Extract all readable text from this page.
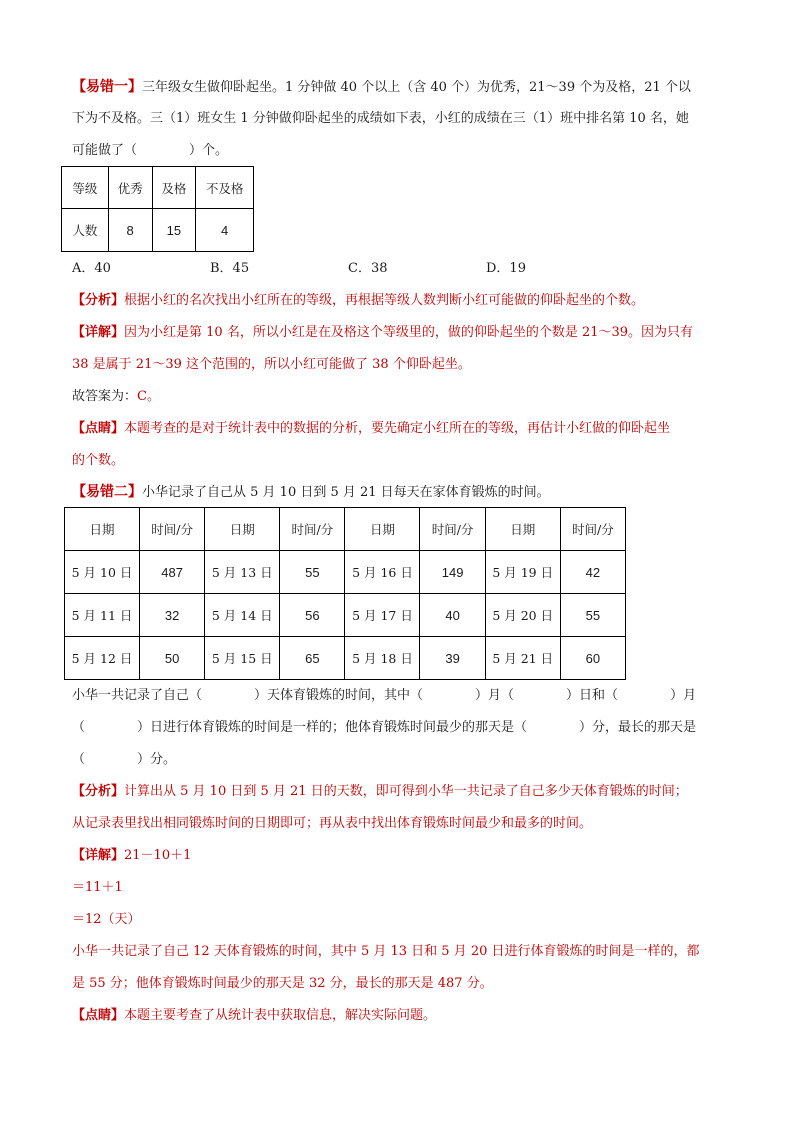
【易错一】三年级女生做仰卧起坐。1 分钟做 40 个以上（含 40 个）为优秀，21～39 个为及格，21 个以
下为不及格。三（1）班女生 1 分钟做仰卧起坐的成绩如下表，小红的成绩在三（1）班中排名第 10 名，她
可能做了（	）个。
等级	优秀	及格	不及格
人数	8	15	4
A．40	B．45	C．38	D．19
【分析】根据小红的名次找出小红所在的等级，再根据等级人数判断小红可能做的仰卧起坐的个数。
【详解】因为小红是第 10 名，所以小红是在及格这个等级里的，做的仰卧起坐的个数是 21～39。因为只有
38 是属于 21～39 这个范围的，所以小红可能做了 38 个仰卧起坐。
故答案为：C。
【点睛】本题考查的是对于统计表中的数据的分析，要先确定小红所在的等级，再估计小红做的仰卧起坐
的个数。
【易错二】小华记录了自己从 5 月 10 日到 5 月 21 日每天在家体育锻炼的时间。
日期	时间/分	日期	时间/分	日期	时间/分	日期	时间/分
5 月 10 日	487	5 月 13 日	55	5 月 16 日	149	5 月 19 日	42
5 月 11 日	32	5 月 14 日	56	5 月 17 日	40	5 月 20 日	55
5 月 12 日	50	5 月 15 日	65	5 月 18 日	39	5 月 21 日	60
小华一共记录了自己（	）天体育锻炼的时间，其中（	）月（	）日和（	）月
（	）日进行体育锻炼的时间是一样的；他体育锻炼时间最少的那天是（	）分，最长的那天是
（	）分。
【分析】计算出从 5 月 10 日到 5 月 21 日的天数，即可得到小华一共记录了自己多少天体育锻炼的时间；
从记录表里找出相同锻炼时间的日期即可；再从表中找出体育锻炼时间最少和最多的时间。
【详解】21－10＋1
＝11＋1
＝12（天）
小华一共记录了自己 12 天体育锻炼的时间，其中 5 月 13 日和 5 月 20 日进行体育锻炼的时间是一样的，都
是 55 分；他体育锻炼时间最少的那天是 32 分，最长的那天是 487 分。
【点睛】本题主要考查了从统计表中获取信息，解决实际问题。
